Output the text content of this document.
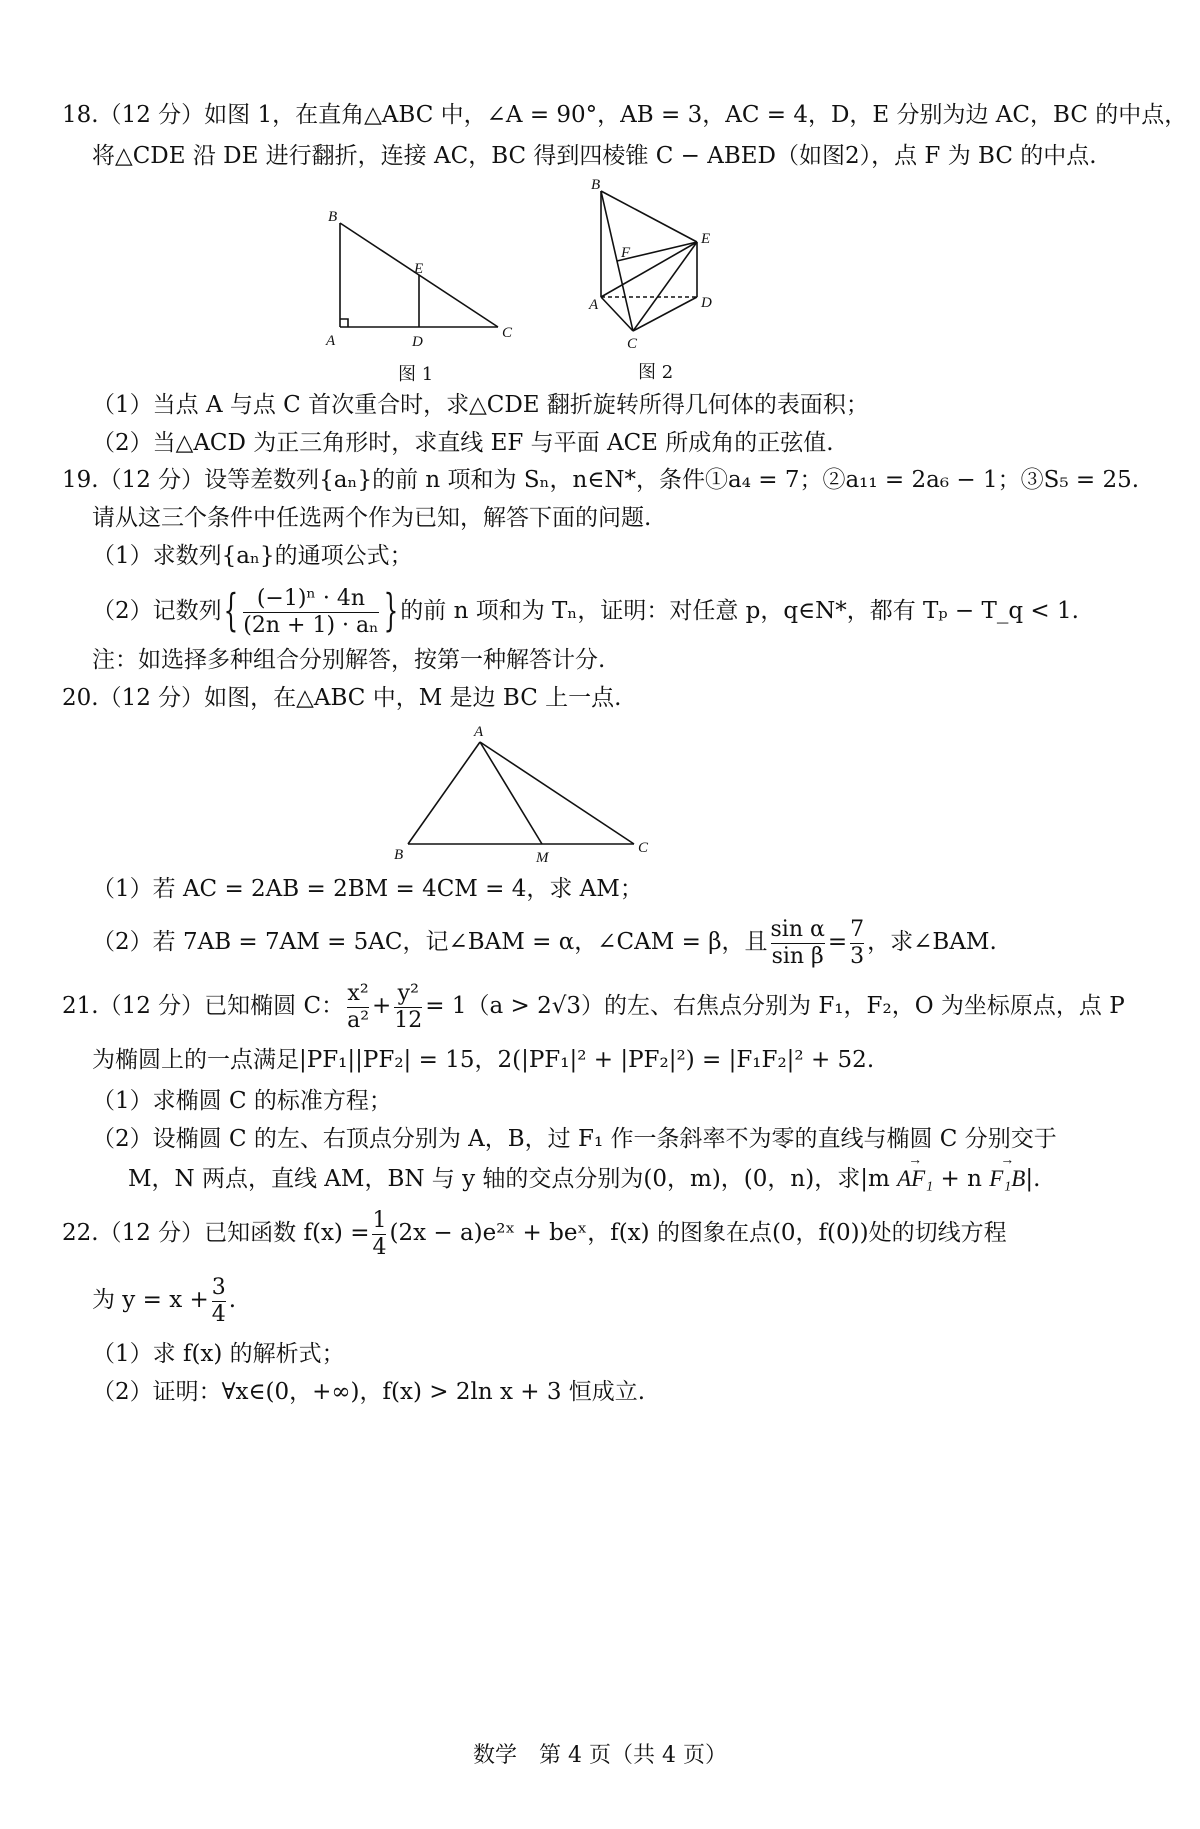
18.（12 分）如图 1，在直角△ABC 中，∠A = 90°，AB = 3，AC = 4，D，E 分别为边 AC，BC 的中点，
将△CDE 沿 DE 进行翻折，连接 AC，BC 得到四棱锥 C − ABED（如图2），点 F 为 BC 的中点.
B
E
A	D
C
图 1
B
E
F
A	D
C
图 2
（1）当点 A 与点 C 首次重合时，求△CDE 翻折旋转所得几何体的表面积；
（2）当△ACD 为正三角形时，求直线 EF 与平面 ACE 所成角的正弦值.
19.（12 分）设等差数列{aₙ}的前 n 项和为 Sₙ，n∈N*，条件①a₄ = 7；②a₁₁ = 2a₆ − 1；③S₅ = 25.
请从这三个条件中任选两个作为已知，解答下面的问题.
（1）求数列{aₙ}的通项公式；
（2）记数列{ $\frac{\text{(−1)ⁿ · 4n}}{\text{(2n + 1) · aₙ}}$ }的前 n 项和为 Tₙ，证明：对任意 p，q∈N*，都有 Tₚ − T_q < 1.
注：如选择多种组合分别解答，按第一种解答计分.
20.（12 分）如图，在△ABC 中，M 是边 BC 上一点.
A
B	M
C
（1）若 AC = 2AB = 2BM = 4CM = 4，求 AM；
（2）若 7AB = 7AM = 5AC，记∠BAM = α，∠CAM = β，且 $\frac{\text{sin α}}{\text{sin β}} = \frac{7}{3}$ ，求∠BAM.
21.（12 分）已知椭圆 C： $\frac{\text{x²}}{\text{a²}} + \frac{\text{y²}}{12} = 1(a > 2√3)$的左、右焦点分别为 F₁，F₂，O 为坐标原点，点 P
为椭圆上的一点满足|PF₁||PF₂| = 15，2(|PF₁|² + |PF₂|²) = |F₁F₂|² + 52.
（1）求椭圆 C 的标准方程；
（2）设椭圆 C 的左、右顶点分别为 A，B，过 F₁ 作一条斜率不为零的直线与椭圆 C 分别交于
M，N 两点，直线 AM，BN 与 y 轴的交点分别为(0，m)，(0，n)，求|m → AF₁ + n → F₁B|.
22.（12 分）已知函数 $f(x) = \frac{1}{4} (2x$ − a)e²ˣ + beˣ，f(x) 的图象在点(0，f(0))处的切线方程
为 $y = x + \frac{3}{4}$ .
（1）求 f(x) 的解析式；
（2）证明：∀x∈(0，+∞)，f(x) > 2ln x + 3 恒成立.
数学　第 4 页（共 4 页）
